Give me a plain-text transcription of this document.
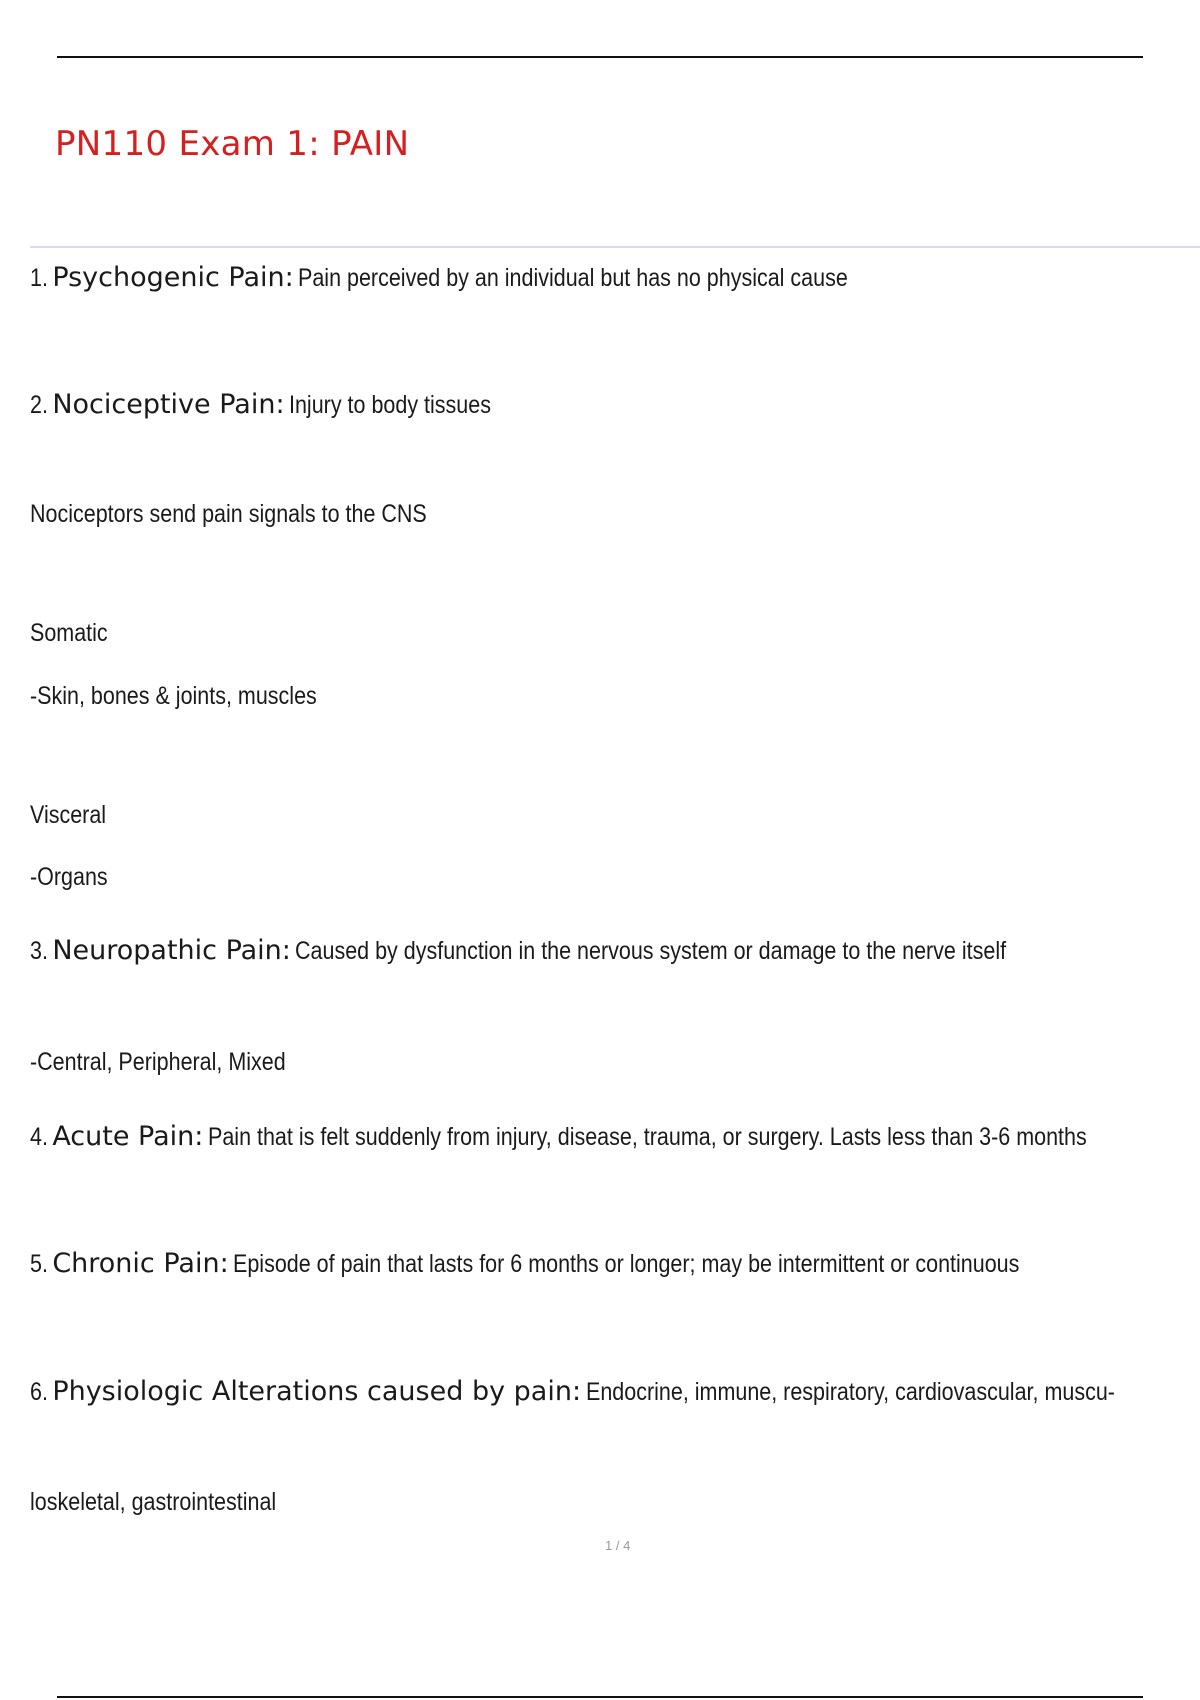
PN110 Exam 1: PAIN

1. Psychogenic Pain: Pain perceived by an individual but has no physical cause

2. Nociceptive Pain: Injury to body tissues

Nociceptors send pain signals to the CNS

Somatic

-Skin, bones & joints, muscles

Visceral

-Organs

3. Neuropathic Pain: Caused by dysfunction in the nervous system or damage to the nerve itself

-Central, Peripheral, Mixed

4. Acute Pain: Pain that is felt suddenly from injury, disease, trauma, or surgery. Lasts less than 3-6 months

5. Chronic Pain: Episode of pain that lasts for 6 months or longer; may be intermittent or continuous

6. Physiologic Alterations caused by pain: Endocrine, immune, respiratory, cardiovascular, muscu-

loskeletal, gastrointestinal

1 / 4
